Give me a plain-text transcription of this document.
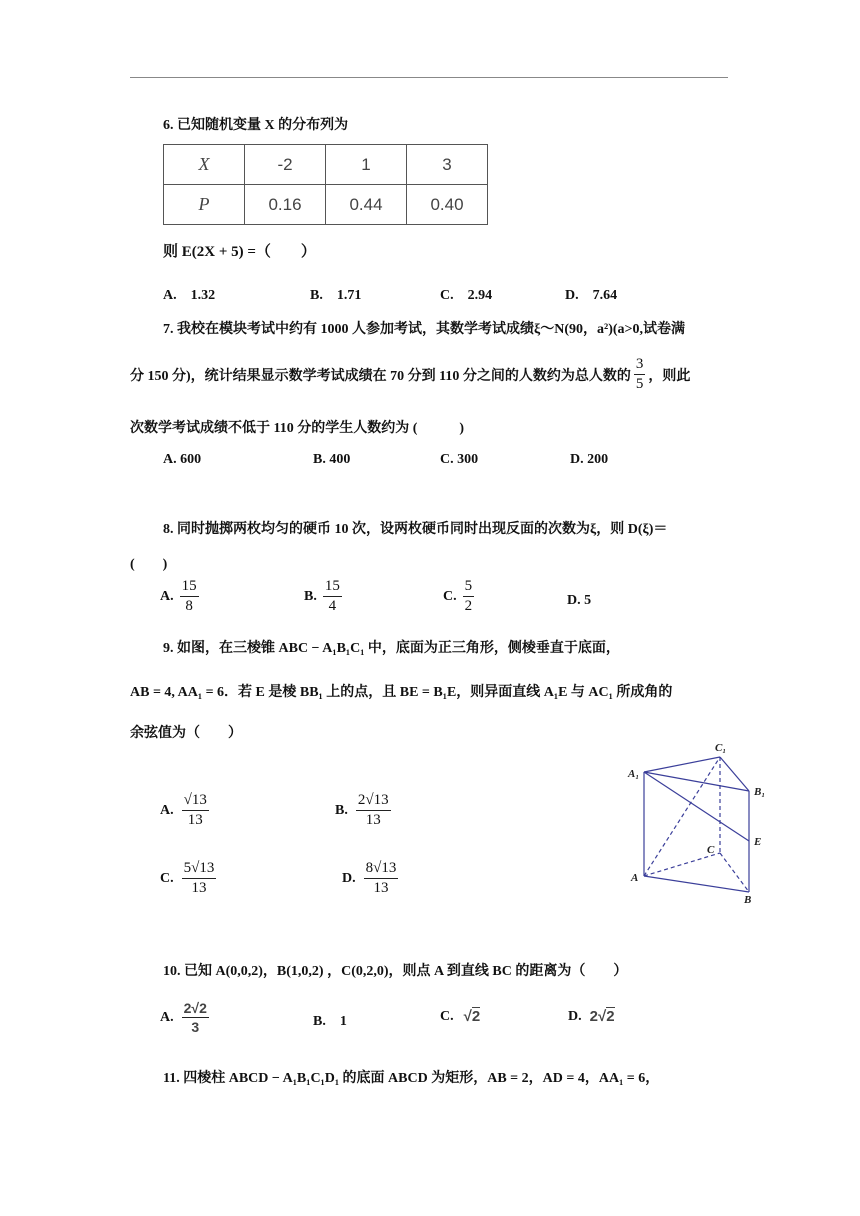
6. 已知随机变量 X 的分布列为
X	-2	1	3
P	0.16	0.44	0.40
则 E(2X + 5) =（　　）
A.　1.32	B.　1.71	C.　2.94	D.　7.64
7. 我校在模块考试中约有 1000 人参加考试，其数学考试成绩ξ～N(90，a²)(a>0,试卷满
分 150 分)，统计结果显示数学考试成绩在 70 分到 110 分之间的人数约为总人数的 $\frac{3}{5}$ ，则此
次数学考试成绩不低于 110 分的学生人数约为 (　　　)
A. 600	B. 400	C. 300	D. 200
8. 同时抛掷两枚均匀的硬币 10 次，设两枚硬币同时出现反面的次数为ξ，则 D(ξ)＝
(　　)
A. $\frac{15}{8}$	B. $\frac{15}{4}$	C. $\frac{5}{2}$	D. 5
9. 如图，在三棱锥 ABC − A₁B₁C₁ 中，底面为正三角形，侧棱垂直于底面，
AB = 4, AA₁ = 6．若 E 是棱 BB₁ 上的点，且 BE = B₁E，则异面直线 A₁E 与 AC₁ 所成角的
余弦值为（　　）
A. $\frac{√13}{13}$	B. $\frac{2√13}{13}$
C. $\frac{5√13}{13}$	D. $\frac{8√13}{13}$
C₁
A₁
B₁
E
C
A
B
10. 已知 A(0,0,2)，B(1,0,2) ，C(0,2,0)，则点 A 到直线 BC 的距离为（　　）
A. $\frac{2√2}{3}$	B.　1	C. √2	D. 2√2
11. 四棱柱 ABCD − A₁B₁C₁D₁ 的底面 ABCD 为矩形，AB = 2，AD = 4，AA₁ = 6，
